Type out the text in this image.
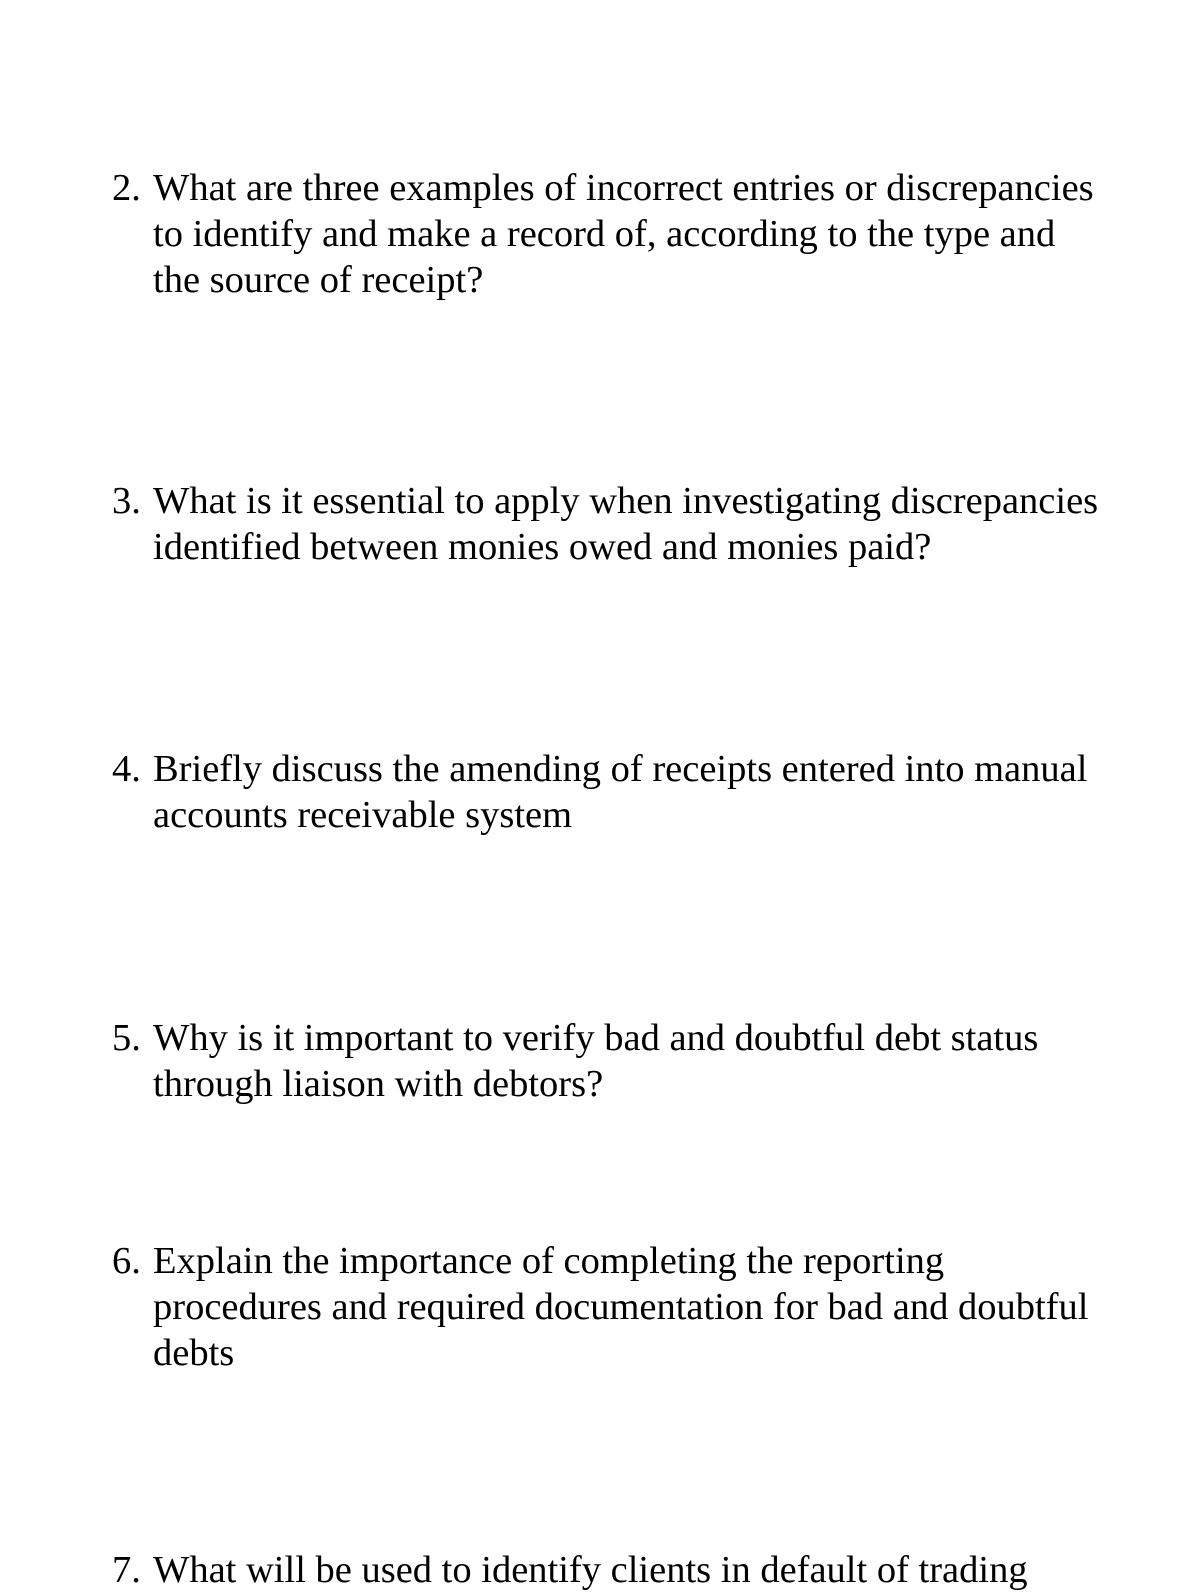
2. What are three examples of incorrect entries or discrepancies
to identify and make a record of, according to the type and
the source of receipt?
3. What is it essential to apply when investigating discrepancies
identified between monies owed and monies paid?
4. Briefly discuss the amending of receipts entered into manual
accounts receivable system
5. Why is it important to verify bad and doubtful debt status
through liaison with debtors?
6. Explain the importance of completing the reporting
procedures and required documentation for bad and doubtful
debts
7. What will be used to identify clients in default of trading
